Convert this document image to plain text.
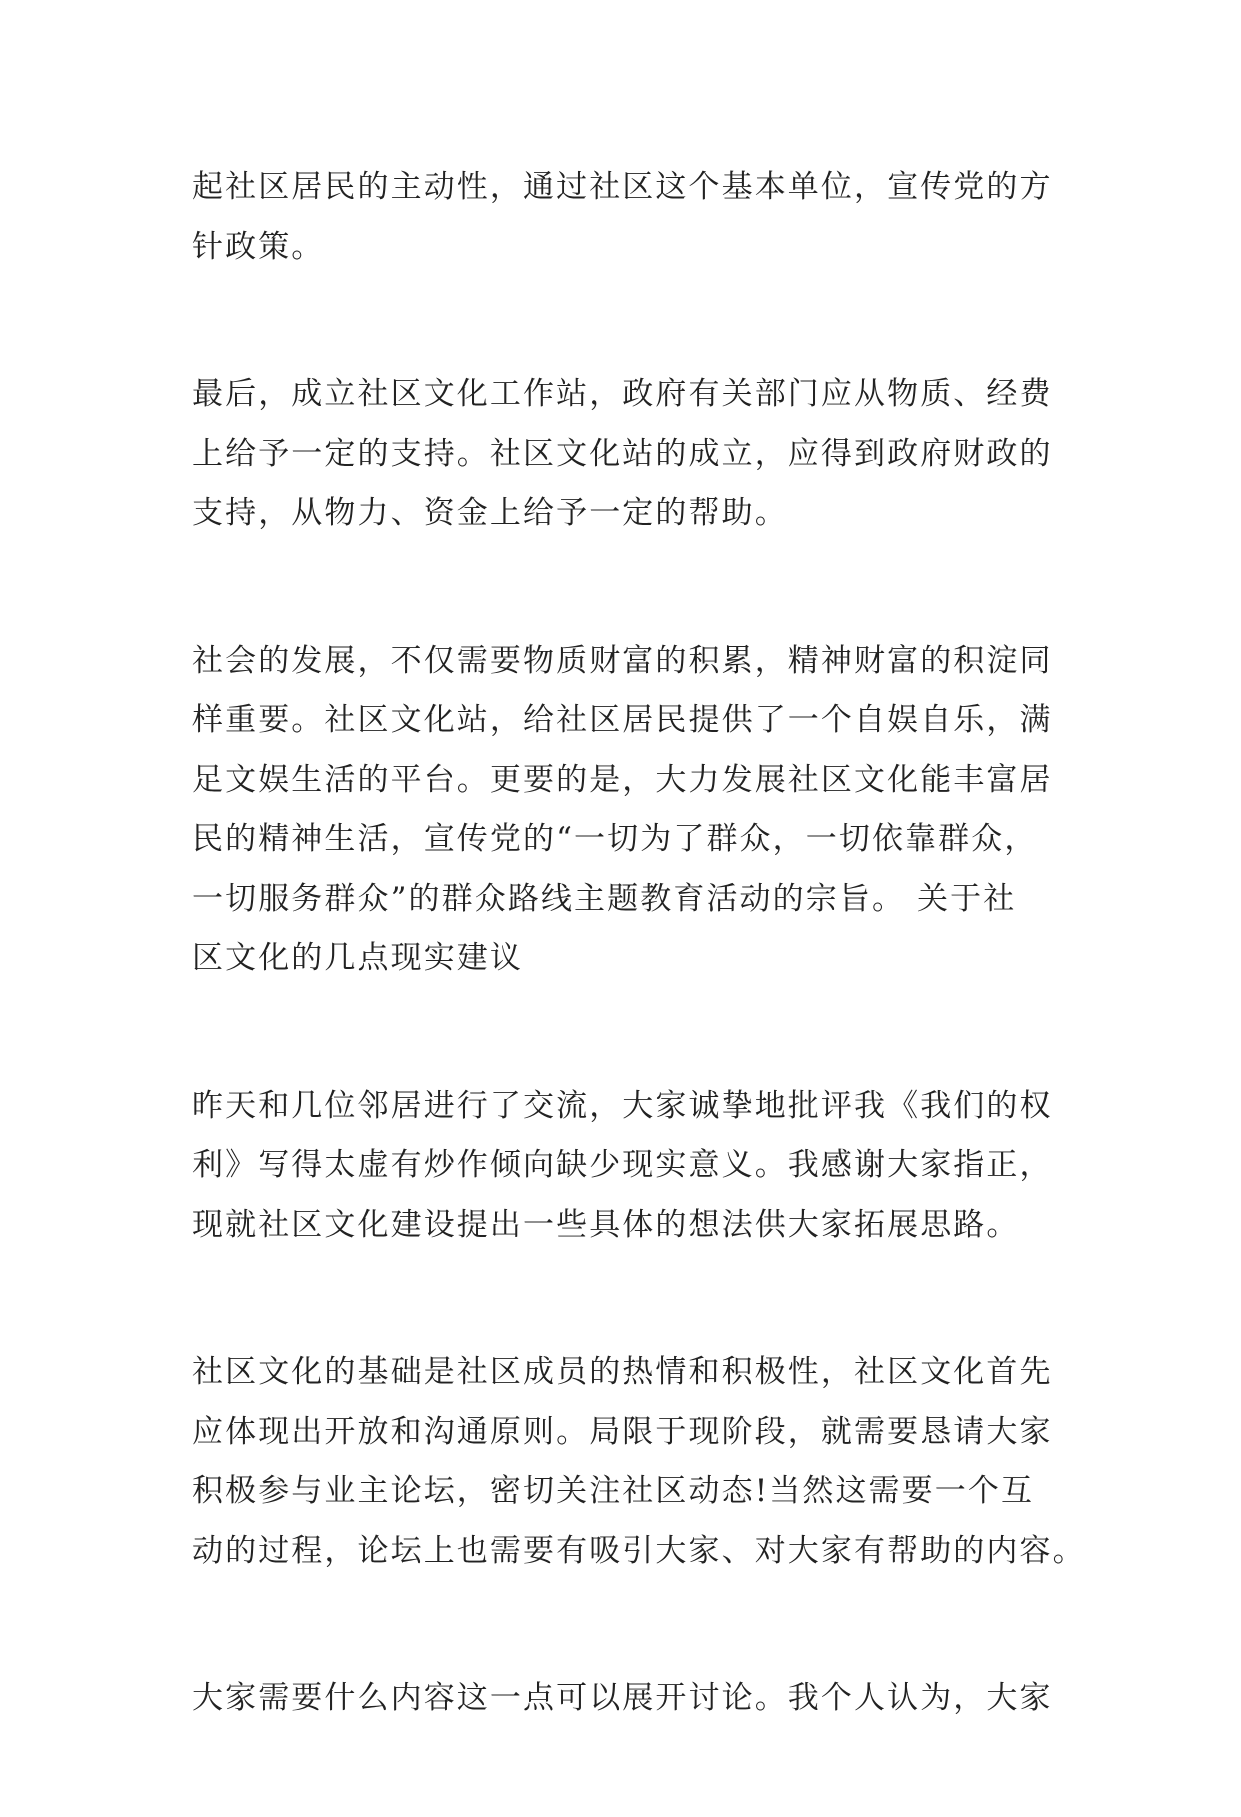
起社区居民的主动性，通过社区这个基本单位，宣传党的方
针政策。

最后，成立社区文化工作站，政府有关部门应从物质、经费
上给予一定的支持。社区文化站的成立，应得到政府财政的
支持，从物力、资金上给予一定的帮助。

社会的发展，不仅需要物质财富的积累，精神财富的积淀同
样重要。社区文化站，给社区居民提供了一个自娱自乐，满
足文娱生活的平台。更要的是，大力发展社区文化能丰富居
民的精神生活，宣传党的“一切为了群众，一切依靠群众，
一切服务群众”的群众路线主题教育活动的宗旨。 关于社
区文化的几点现实建议

昨天和几位邻居进行了交流，大家诚挚地批评我《我们的权
利》写得太虚有炒作倾向缺少现实意义。我感谢大家指正，
现就社区文化建设提出一些具体的想法供大家拓展思路。

社区文化的基础是社区成员的热情和积极性，社区文化首先
应体现出开放和沟通原则。局限于现阶段，就需要恳请大家
积极参与业主论坛，密切关注社区动态!当然这需要一个互
动的过程，论坛上也需要有吸引大家、对大家有帮助的内容。

大家需要什么内容这一点可以展开讨论。我个人认为，大家
